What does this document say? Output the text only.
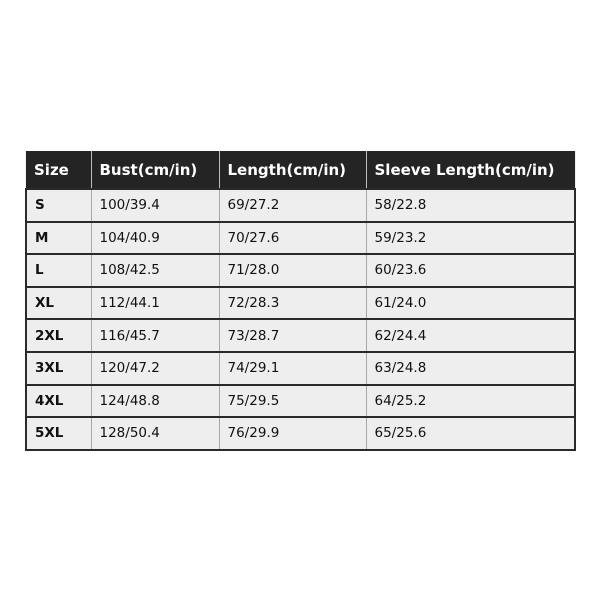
Size	Bust(cm/in)	Length(cm/in)	Sleeve Length(cm/in)
S	100/39.4	69/27.2	58/22.8
M	104/40.9	70/27.6	59/23.2
L	108/42.5	71/28.0	60/23.6
XL	112/44.1	72/28.3	61/24.0
2XL	116/45.7	73/28.7	62/24.4
3XL	120/47.2	74/29.1	63/24.8
4XL	124/48.8	75/29.5	64/25.2
5XL	128/50.4	76/29.9	65/25.6
